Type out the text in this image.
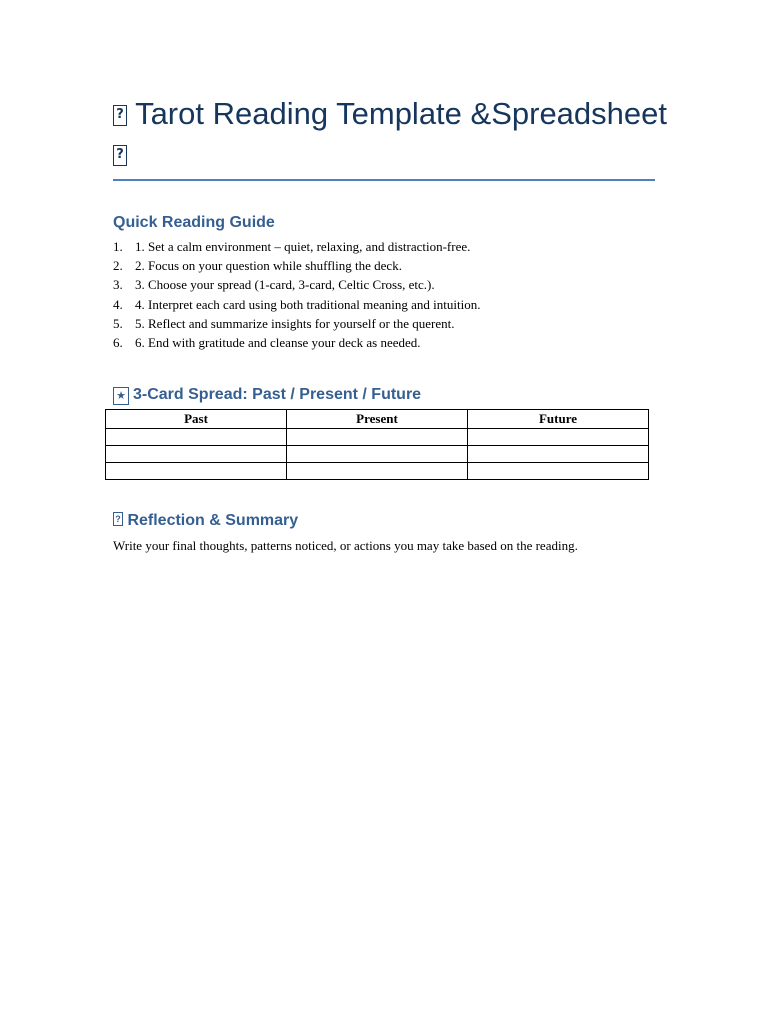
? Tarot Reading Template &Spreadsheet
?
Quick Reading Guide
1. 1. Set a calm environment – quiet, relaxing, and distraction-free.
2. 2. Focus on your question while shuffling the deck.
3. 3. Choose your spread (1-card, 3-card, Celtic Cross, etc.).
4. 4. Interpret each card using both traditional meaning and intuition.
5. 5. Reflect and summarize insights for yourself or the querent.
6. 6. End with gratitude and cleanse your deck as needed.
★ 3-Card Spread: Past / Present / Future
Past	Present	Future

? Reflection & Summary
Write your final thoughts, patterns noticed, or actions you may take based on the reading.
